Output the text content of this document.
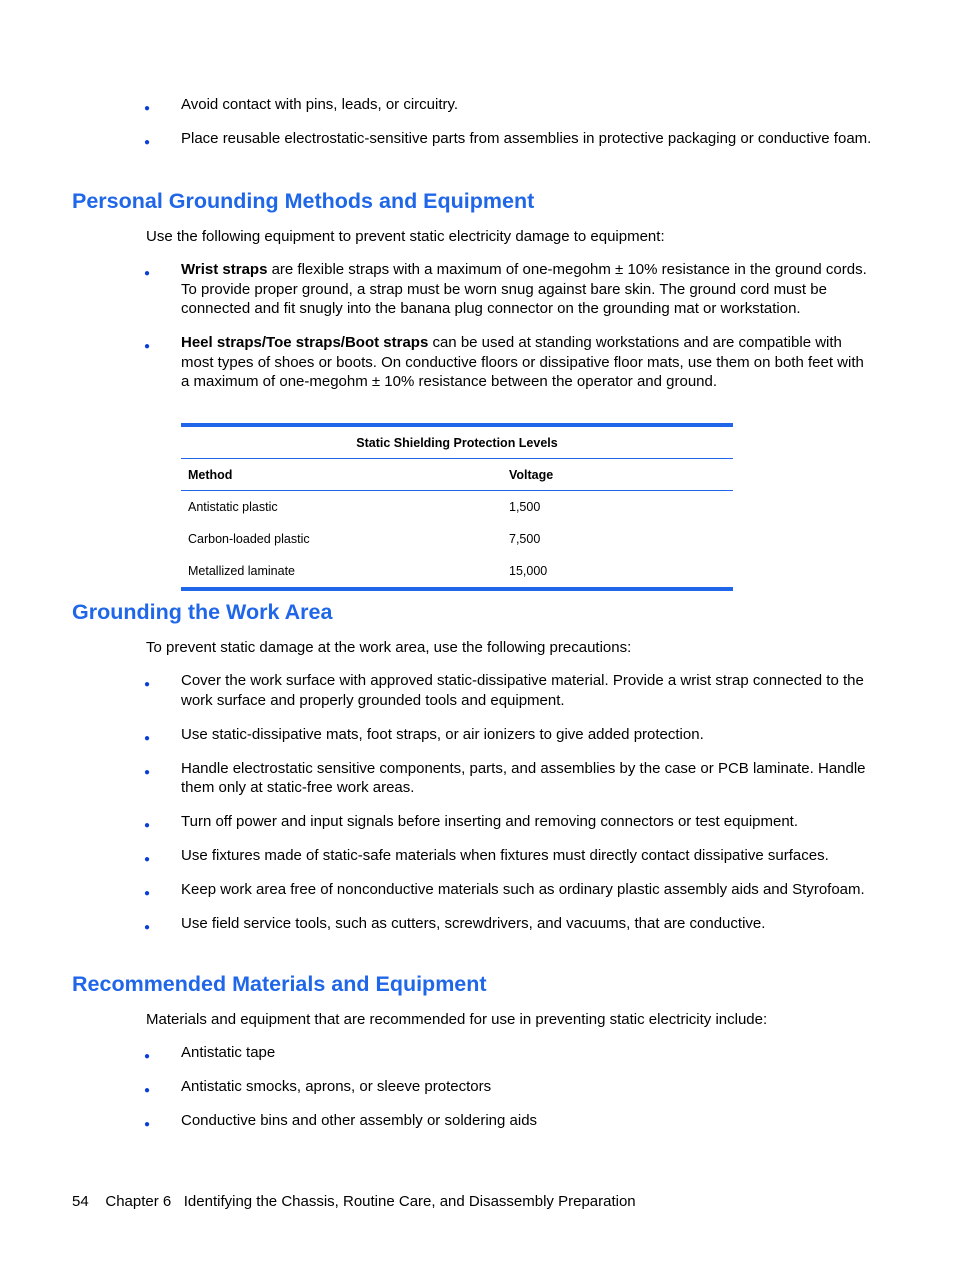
● Avoid contact with pins, leads, or circuitry.
● Place reusable electrostatic-sensitive parts from assemblies in protective packaging or conductive foam.
Personal Grounding Methods and Equipment

Use the following equipment to prevent static electricity damage to equipment:

● Wrist straps are flexible straps with a maximum of one-megohm ± 10% resistance in the ground cords. To provide proper ground, a strap must be worn snug against bare skin. The ground cord must be connected and fit snugly into the banana plug connector on the grounding mat or workstation.
● Heel straps/Toe straps/Boot straps can be used at standing workstations and are compatible with most types of shoes or boots. On conductive floors or dissipative floor mats, use them on both feet with a maximum of one-megohm ± 10% resistance between the operator and ground.
Static Shielding Protection Levels	
Method	Voltage
Antistatic plastic	1,500
Carbon-loaded plastic	7,500
Metallized laminate	15,000
Grounding the Work Area

To prevent static damage at the work area, use the following precautions:

● Cover the work surface with approved static-dissipative material. Provide a wrist strap connected to the work surface and properly grounded tools and equipment.
● Use static-dissipative mats, foot straps, or air ionizers to give added protection.
● Handle electrostatic sensitive components, parts, and assemblies by the case or PCB laminate. Handle them only at static-free work areas.
● Turn off power and input signals before inserting and removing connectors or test equipment.
● Use fixtures made of static-safe materials when fixtures must directly contact dissipative surfaces.
● Keep work area free of nonconductive materials such as ordinary plastic assembly aids and Styrofoam.
● Use field service tools, such as cutters, screwdrivers, and vacuums, that are conductive.
Recommended Materials and Equipment

Materials and equipment that are recommended for use in preventing static electricity include:

● Antistatic tape
● Antistatic smocks, aprons, or sleeve protectors
● Conductive bins and other assembly or soldering aids
54 Chapter 6 Identifying the Chassis, Routine Care, and Disassembly Preparation
